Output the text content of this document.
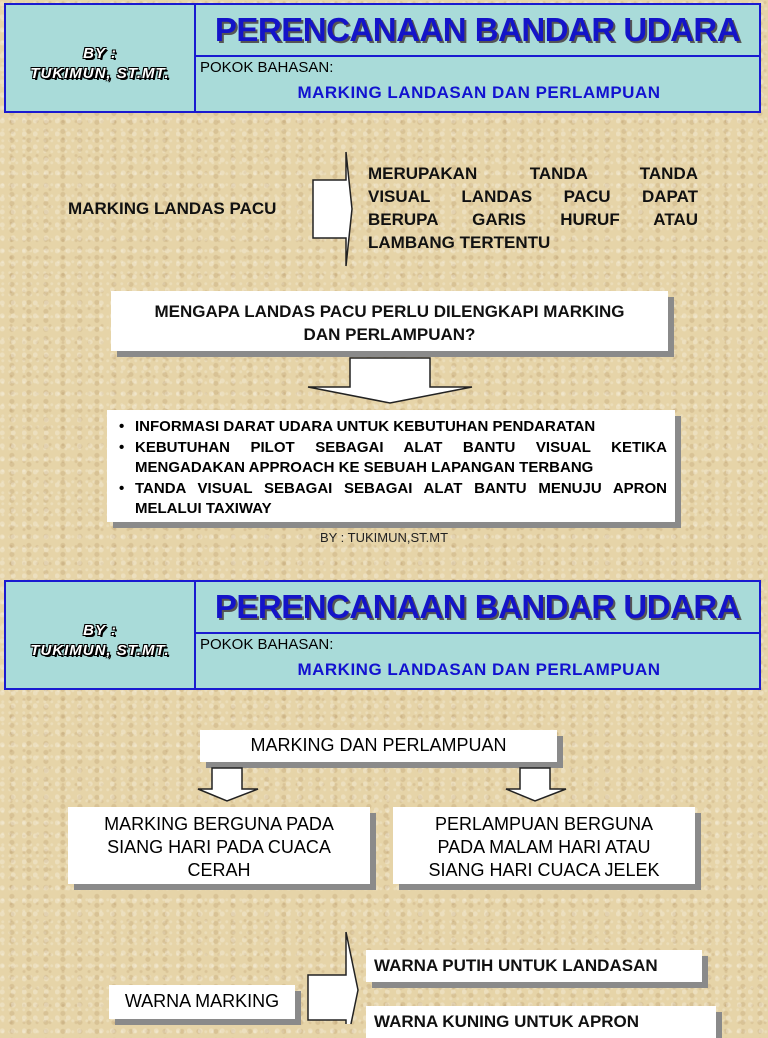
BY :
TUKIMUN, ST.MT.
PERENCANAAN BANDAR UDARA
POKOK BAHASAN:
MARKING LANDASAN DAN PERLAMPUAN
MARKING LANDAS PACU
MERUPAKAN TANDA TANDA
VISUAL LANDAS PACU DAPAT
BERUPA GARIS HURUF ATAU
LAMBANG TERTENTU
MENGAPA LANDAS PACU PERLU DILENGKAPI MARKING
DAN PERLAMPUAN?
• INFORMASI DARAT UDARA UNTUK KEBUTUHAN PENDARATAN
• KEBUTUHAN PILOT SEBAGAI ALAT BANTU VISUAL KETIKA MENGADAKAN APPROACH KE SEBUAH LAPANGAN TERBANG
• TANDA VISUAL SEBAGAI SEBAGAI ALAT BANTU MENUJU APRON MELALUI TAXIWAY
BY : TUKIMUN,ST.MT
BY :
TUKIMUN, ST.MT.
PERENCANAAN BANDAR UDARA
POKOK BAHASAN:
MARKING LANDASAN DAN PERLAMPUAN
MARKING DAN PERLAMPUAN
MARKING BERGUNA PADA
SIANG HARI PADA CUACA
CERAH
PERLAMPUAN BERGUNA
PADA MALAM HARI ATAU
SIANG HARI CUACA JELEK
WARNA MARKING
WARNA PUTIH UNTUK LANDASAN
WARNA KUNING UNTUK APRON
